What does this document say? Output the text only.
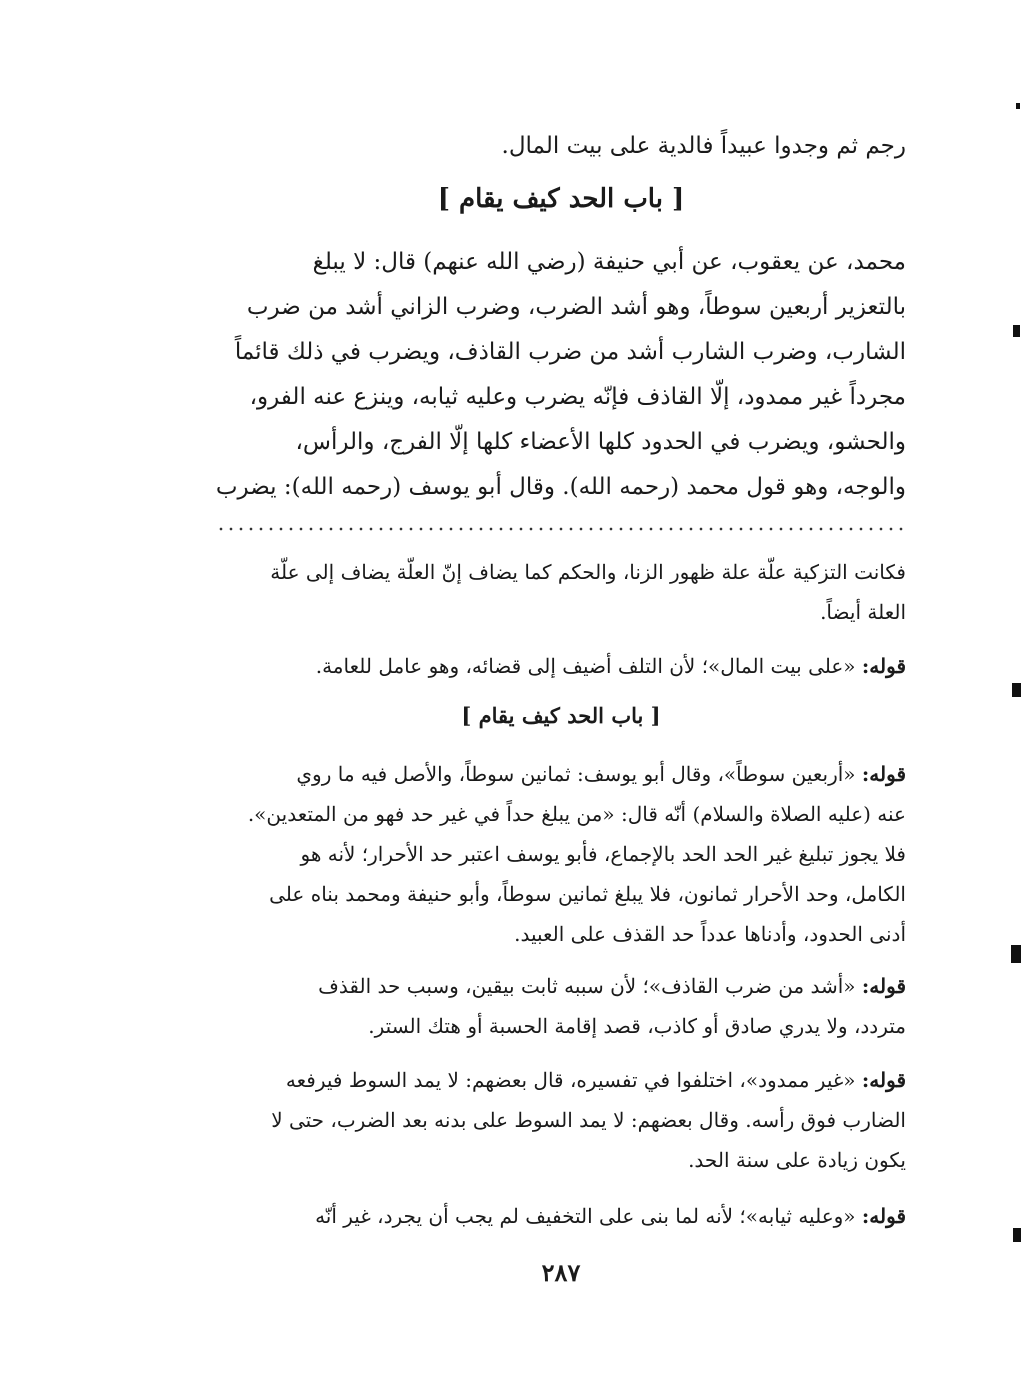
رجم ثم وجدوا عبيداً فالدية على بيت المال.
[ باب الحد كيف يقام ]
محمد، عن يعقوب، عن أبي حنيفة (رضي الله عنهم) قال: لا يبلغ
بالتعزير أربعين سوطاً، وهو أشد الضرب، وضرب الزاني أشد من ضرب
الشارب، وضرب الشارب أشد من ضرب القاذف، ويضرب في ذلك قائماً
مجرداً غير ممدود، إلّا القاذف فإنّه يضرب وعليه ثيابه، وينزع عنه الفرو،
والحشو، ويضرب في الحدود كلها الأعضاء كلها إلّا الفرج، والرأس،
والوجه، وهو قول محمد (رحمه الله). وقال أبو يوسف (رحمه الله): يضرب
فكانت التزكية علّة علة ظهور الزنا، والحكم كما يضاف إنّ العلّة يضاف إلى علّة
العلة أيضاً.
قوله: «على بيت المال»؛ لأن التلف أضيف إلى قضائه، وهو عامل للعامة.
[ باب الحد كيف يقام ]
قوله: «أربعين سوطاً»، وقال أبو يوسف: ثمانين سوطاً، والأصل فيه ما روي
عنه (عليه الصلاة والسلام) أنّه قال: «من يبلغ حداً في غير حد فهو من المتعدين».
فلا يجوز تبليغ غير الحد الحد بالإجماع، فأبو يوسف اعتبر حد الأحرار؛ لأنه هو
الكامل، وحد الأحرار ثمانون، فلا يبلغ ثمانين سوطاً، وأبو حنيفة ومحمد بناه على
أدنى الحدود، وأدناها عدداً حد القذف على العبيد.
قوله: «أشد من ضرب القاذف»؛ لأن سببه ثابت بيقين، وسبب حد القذف
متردد، ولا يدري صادق أو كاذب، قصد إقامة الحسبة أو هتك الستر.
قوله: «غير ممدود»، اختلفوا في تفسيره، قال بعضهم: لا يمد السوط فيرفعه
الضارب فوق رأسه. وقال بعضهم: لا يمد السوط على بدنه بعد الضرب، حتى لا
يكون زيادة على سنة الحد.
قوله: «وعليه ثيابه»؛ لأنه لما بنى على التخفيف لم يجب أن يجرد، غير أنّه
٢٨٧
